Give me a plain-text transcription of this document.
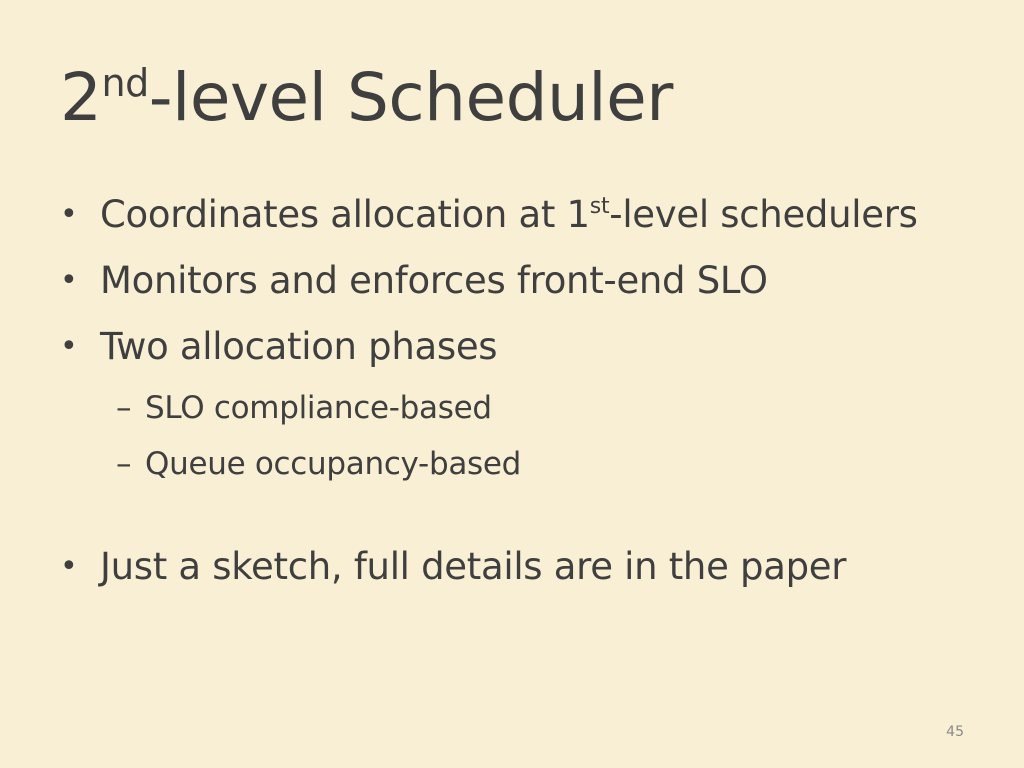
2nd-level Scheduler
• Coordinates allocation at 1st-level schedulers
• Monitors and enforces front-end SLO
• Two allocation phases
– SLO compliance-based
– Queue occupancy-based
• Just a sketch, full details are in the paper
45
